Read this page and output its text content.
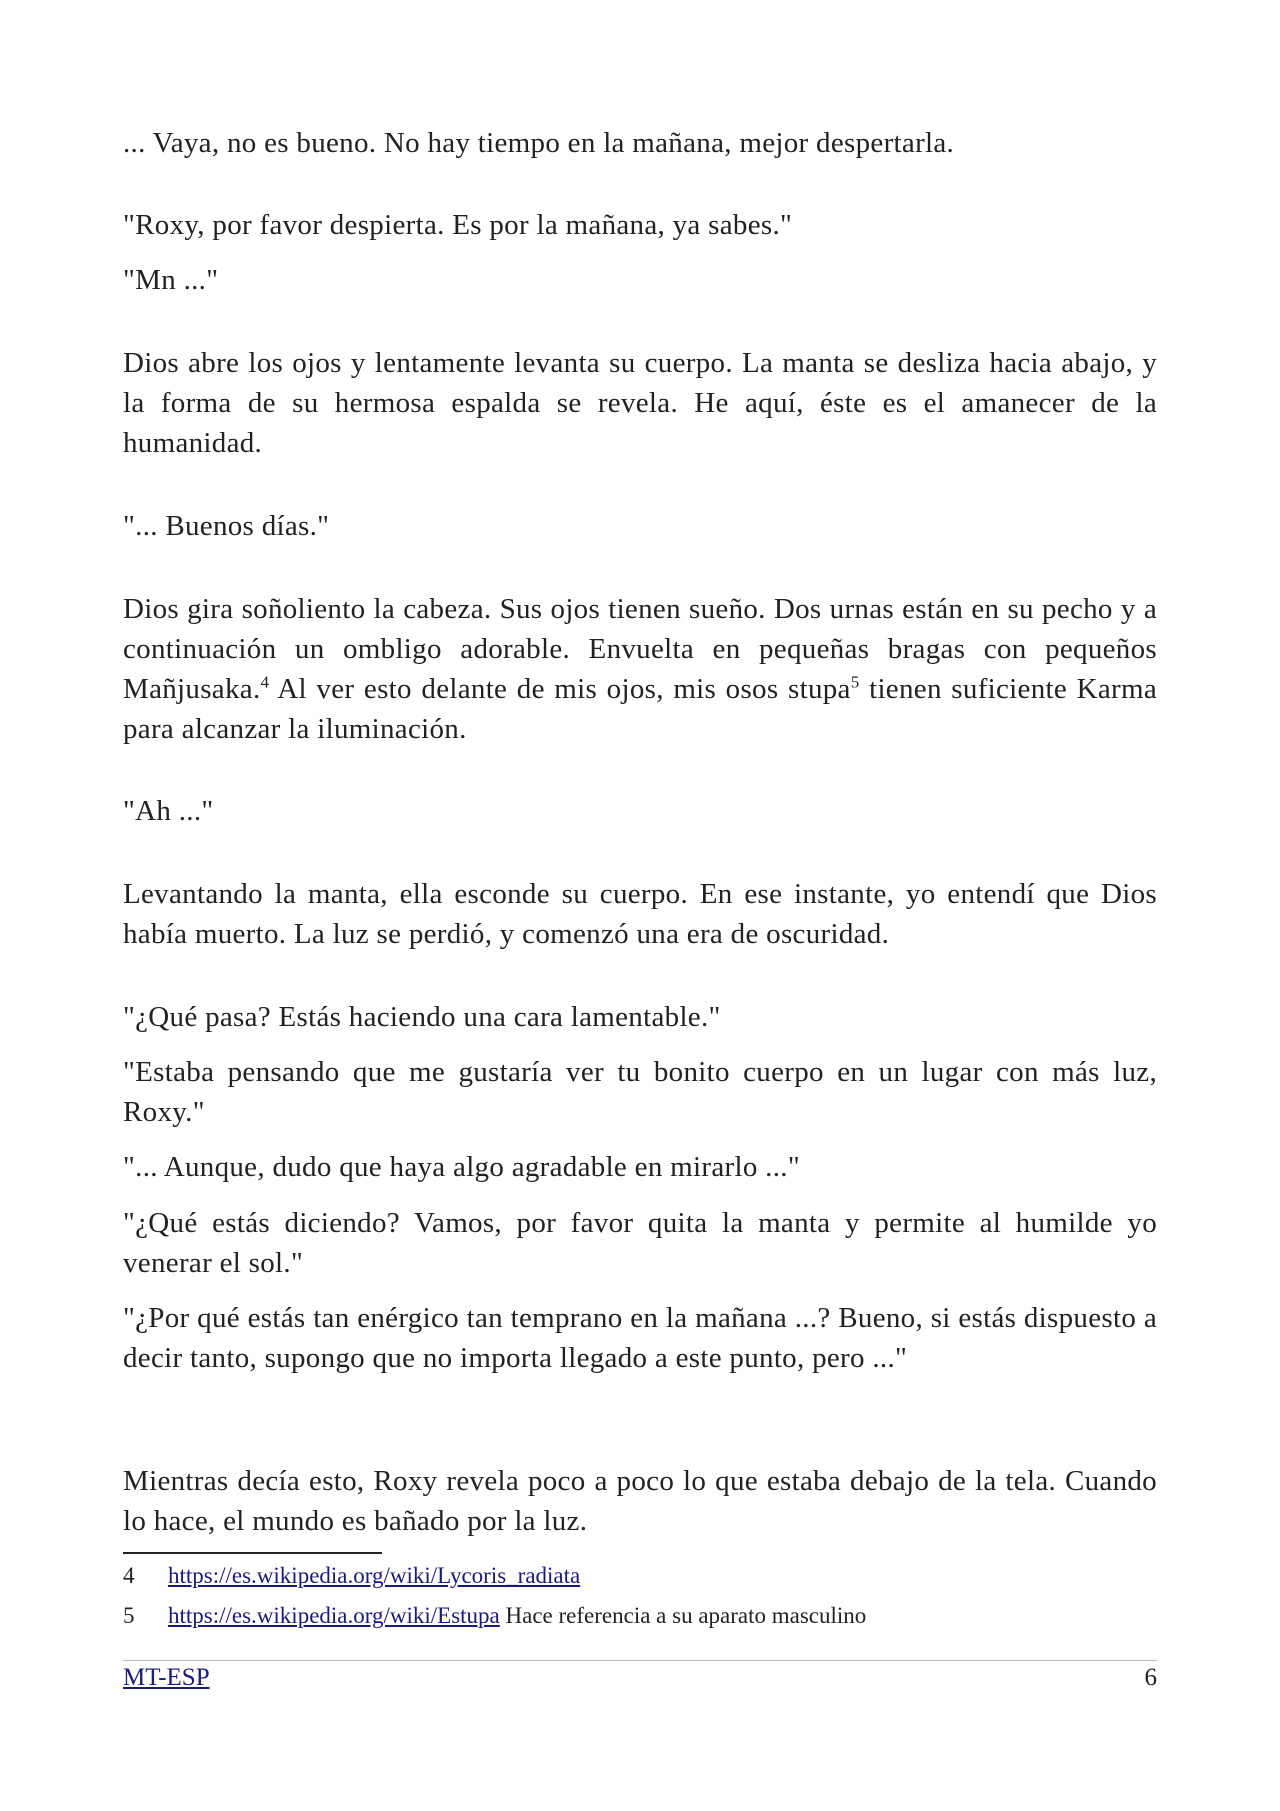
... Vaya, no es bueno. No hay tiempo en la mañana, mejor despertarla.

"Roxy, por favor despierta. Es por la mañana, ya sabes."

"Mn ..."

Dios abre los ojos y lentamente levanta su cuerpo. La manta se desliza hacia abajo, y la forma de su hermosa espalda se revela. He aquí, éste es el amanecer de la humanidad.

"... Buenos días."

Dios gira soñoliento la cabeza. Sus ojos tienen sueño. Dos urnas están en su pecho y a continuación un ombligo adorable. Envuelta en pequeñas bragas con pequeños Mañjusaka.$^4$ Al ver esto delante de mis ojos, mis osos stupa$^5$ tienen suficiente Karma para alcanzar la iluminación.

"Ah ..."

Levantando la manta, ella esconde su cuerpo. En ese instante, yo entendí que Dios había muerto. La luz se perdió, y comenzó una era de oscuridad.

"¿Qué pasa? Estás haciendo una cara lamentable."

"Estaba pensando que me gustaría ver tu bonito cuerpo en un lugar con más luz, Roxy."

"... Aunque, dudo que haya algo agradable en mirarlo ..."

"¿Qué estás diciendo? Vamos, por favor quita la manta y permite al humilde yo venerar el sol."

"¿Por qué estás tan enérgico tan temprano en la mañana ...? Bueno, si estás dispuesto a decir tanto, supongo que no importa llegado a este punto, pero ..."

Mientras decía esto, Roxy revela poco a poco lo que estaba debajo de la tela. Cuando lo hace, el mundo es bañado por la luz.

4 https://es.wikipedia.org/wiki/Lycoris_radiata
5 https://es.wikipedia.org/wiki/Estupa Hace referencia a su aparato masculino
MT-ESP	6
